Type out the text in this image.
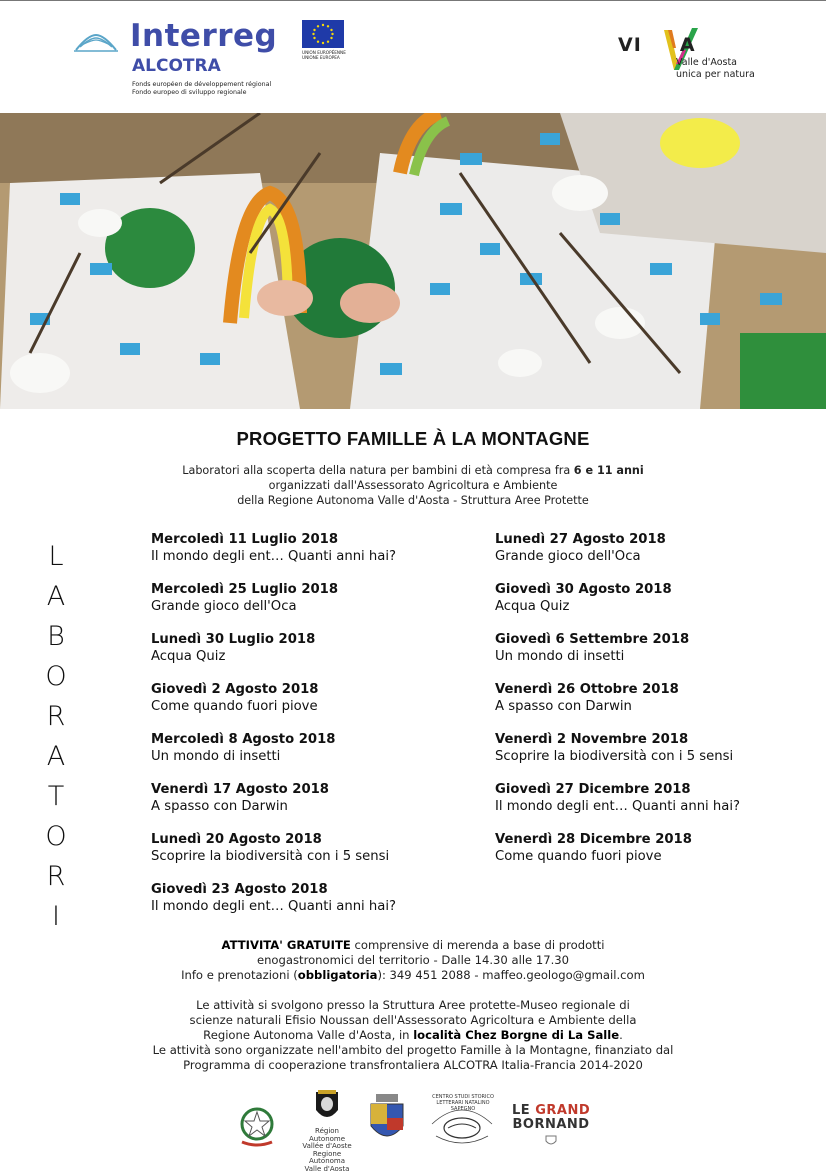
Interreg
ALCOTRA
Fonds européen de développement régional
Fondo europeo di sviluppo regionale
UNION EUROPÉENNE
UNIONE EUROPEA
VI     A
Valle d'Aosta
unica per natura
PROGETTO FAMILLE À LA MONTAGNE
Laboratori alla scoperta della natura per bambini di età compresa fra 6 e 11 anni
organizzati dall'Assessorato Agricoltura e Ambiente
della Regione Autonoma Valle d'Aosta - Struttura Aree Protette
L
A
B
O
R
A
T
O
R
I
Mercoledì 11 Luglio 2018
Il mondo degli ent… Quanti anni hai?
Mercoledì 25 Luglio 2018
Grande gioco dell'Oca
Lunedì 30 Luglio 2018
Acqua Quiz
Giovedì 2 Agosto 2018
Come quando fuori piove
Mercoledì 8 Agosto 2018
Un mondo di insetti
Venerdì 17 Agosto 2018
A spasso con Darwin
Lunedì 20 Agosto 2018
Scoprire la biodiversità con i 5 sensi
Giovedì 23 Agosto 2018
Il mondo degli ent… Quanti anni hai?
Lunedì 27 Agosto 2018
Grande gioco dell'Oca
Giovedì 30 Agosto 2018
Acqua Quiz
Giovedì 6 Settembre 2018
Un mondo di insetti
Venerdì 26 Ottobre 2018
A spasso con Darwin
Venerdì 2 Novembre 2018
Scoprire la biodiversità con i 5 sensi
Giovedì 27 Dicembre 2018
Il mondo degli ent… Quanti anni hai?
Venerdì 28 Dicembre 2018
Come quando fuori piove
ATTIVITA' GRATUITE comprensive di merenda a base di prodotti
enogastronomici del territorio - Dalle 14.30 alle 17.30
Info e prenotazioni (obbligatoria): 349 451 2088 - maffeo.geologo@gmail.com
Le attività si svolgono presso la Struttura Aree protette-Museo regionale di
scienze naturali Efisio Noussan dell'Assessorato Agricoltura e Ambiente della
Regione Autonoma Valle d'Aosta, in località Chez Borgne di La Salle.
Le attività sono organizzate nell'ambito del progetto Famille à la Montagne, finanziato dal
Programma di cooperazione transfrontaliera ALCOTRA Italia-Francia 2014-2020
Région Autonome
Vallée d'Aoste
Regione Autonoma
Valle d'Aosta
CENTRO STUDI STORICO LETTERARI NATALINO SAPEGNO	LE GRAND
BORNAND
